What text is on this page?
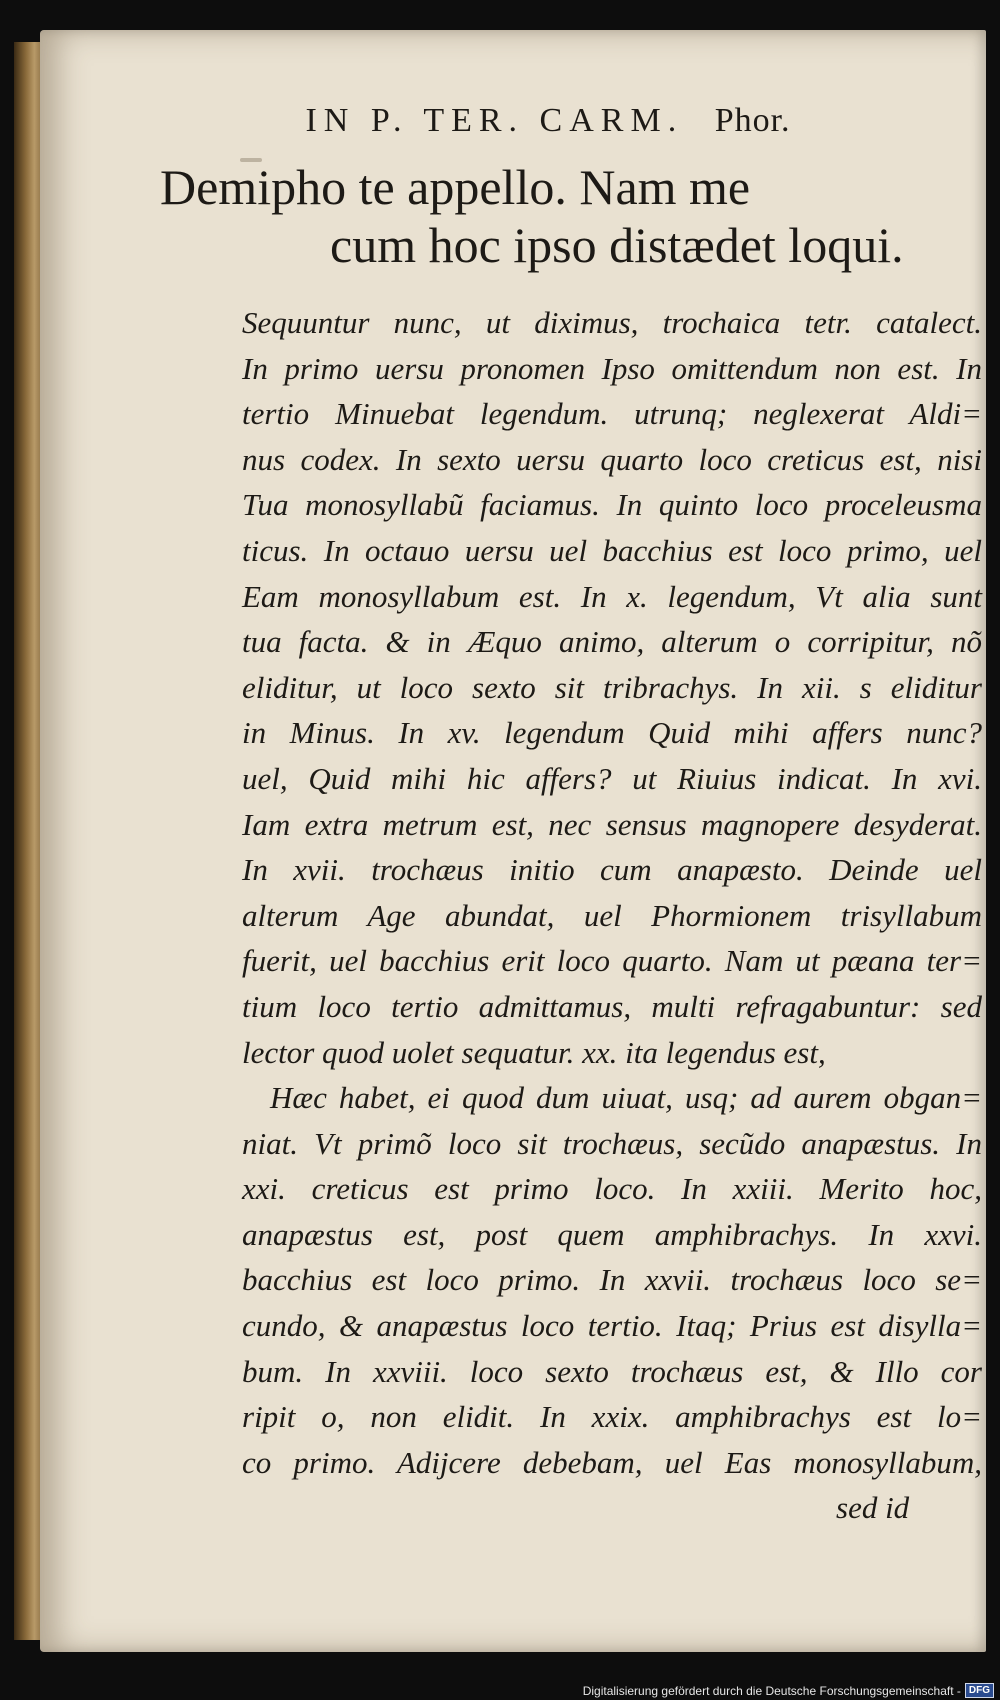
IN P. TER. CARM. Phor.
Demipho te appello. Nam me
cum hoc ipso distædet loqui.
Sequuntur nunc, ut diximus, trochaica tetr. catalect.
In primo uersu pronomen Ipso omittendum non est. In
tertio Minuebat legendum. utrunq; neglexerat Aldi=
nus codex. In sexto uersu quarto loco creticus est, nisi
Tua monosyllabũ faciamus. In quinto loco proceleusma
ticus. In octauo uersu uel bacchius est loco primo, uel
Eam monosyllabum est. In x. legendum, Vt alia sunt
tua facta. & in Æquo animo, alterum o corripitur, nõ
eliditur, ut loco sexto sit tribrachys. In xii. s eliditur
in Minus. In xv. legendum Quid mihi affers nunc?
uel, Quid mihi hic affers? ut Riuius indicat. In xvi.
Iam extra metrum est, nec sensus magnopere desyderat.
In xvii. trochæus initio cum anapæsto. Deinde uel
alterum Age abundat, uel Phormionem trisyllabum
fuerit, uel bacchius erit loco quarto. Nam ut pæana ter=
tium loco tertio admittamus, multi refragabuntur: sed
lector quod uolet sequatur. xx. ita legendus est,
Hæc habet, ei quod dum uiuat, usq; ad aurem obgan=
niat. Vt primõ loco sit trochæus, secũdo anapæstus. In
xxi. creticus est primo loco. In xxiii. Merito hoc,
anapæstus est, post quem amphibrachys. In xxvi.
bacchius est loco primo. In xxvii. trochæus loco se=
cundo, & anapæstus loco tertio. Itaq; Prius est disylla=
bum. In xxviii. loco sexto trochæus est, & Illo cor
ripit o, non elidit. In xxix. amphibrachys est lo=
co primo. Adijcere debebam, uel Eas monosyllabum,
sed id
Digitalisierung gefördert durch die Deutsche Forschungsgemeinschaft - DFG
